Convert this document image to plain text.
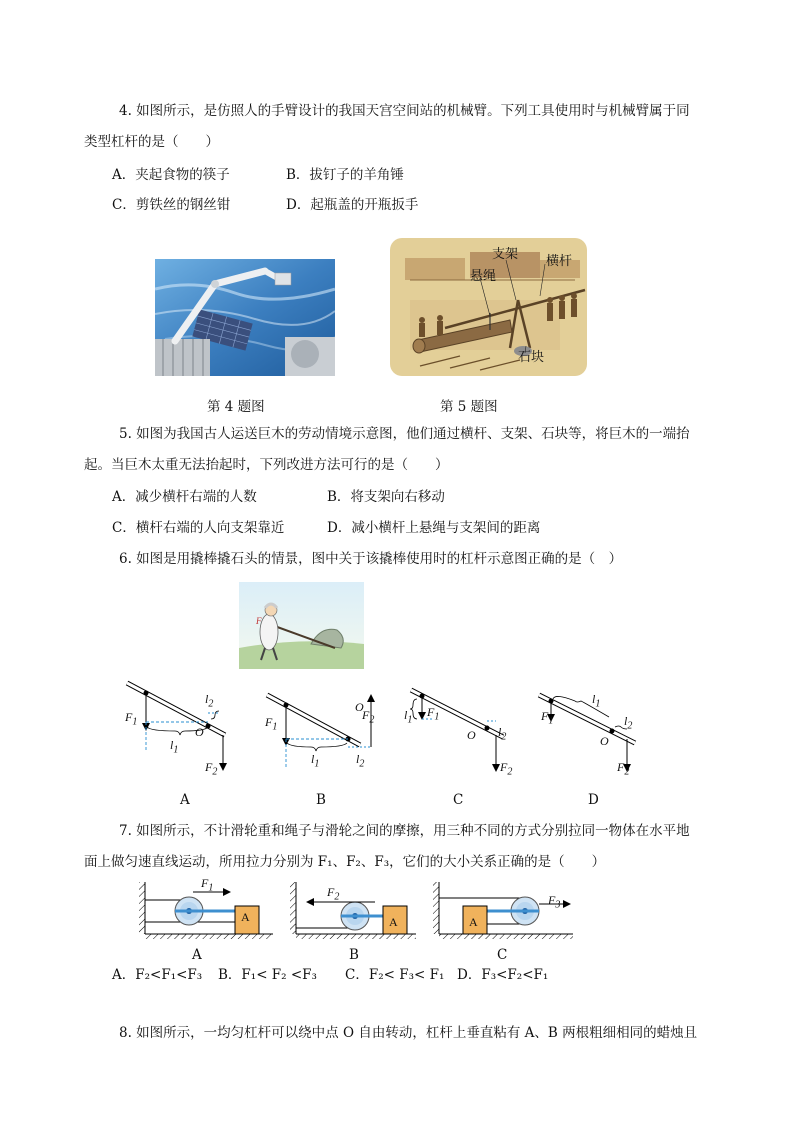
4. 如图所示，是仿照人的手臂设计的我国天宫空间站的机械臂。下列工具使用时与机械臂属于同
类型杠杆的是（　　）
A．夹起食物的筷子	B．拔钉子的羊角锤
C．剪铁丝的钢丝钳	D．起瓶盖的开瓶扳手
支架
悬绳
横杆
石块
第 4 题图	第 5 题图
5. 如图为我国古人运送巨木的劳动情境示意图，他们通过横杆、支架、石块等，将巨木的一端抬
起。当巨木太重无法抬起时，下列改进方法可行的是（　　）
A．减少横杆右端的人数	B．将支架向右移动
C．横杆右端的人向支架靠近	D．减小横杆上悬绳与支架间的距离
6. 如图是用撬棒撬石头的情景，图中关于该撬棒使用时的杠杆示意图正确的是（　）
F
$F_1$
$l_2$
O
$l_1$
$F_2$
$F_1$
O
$F_2$
$l_1$	$l_2$
$l_1$
$F_1$
O $l_2$
$F_2$
$F_1$
$l_1$
O
$l_2$
$F_2$
A	B	C	D
7. 如图所示，不计滑轮重和绳子与滑轮之间的摩擦，用三种不同的方式分别拉同一物体在水平地
面上做匀速直线运动，所用拉力分别为 F₁、F₂、F₃，它们的大小关系正确的是（　　）
$F_1$	$F_2$	$F_3$
A	A	A
A	B	C
A．F₂<F₁<F₃ B．F₁< F₂ <F₃ C．F₂< F₃< F₁ D．F₃<F₂<F₁
8. 如图所示，一均匀杠杆可以绕中点 O 自由转动，杠杆上垂直粘有 A、B 两根粗细相同的蜡烛且
